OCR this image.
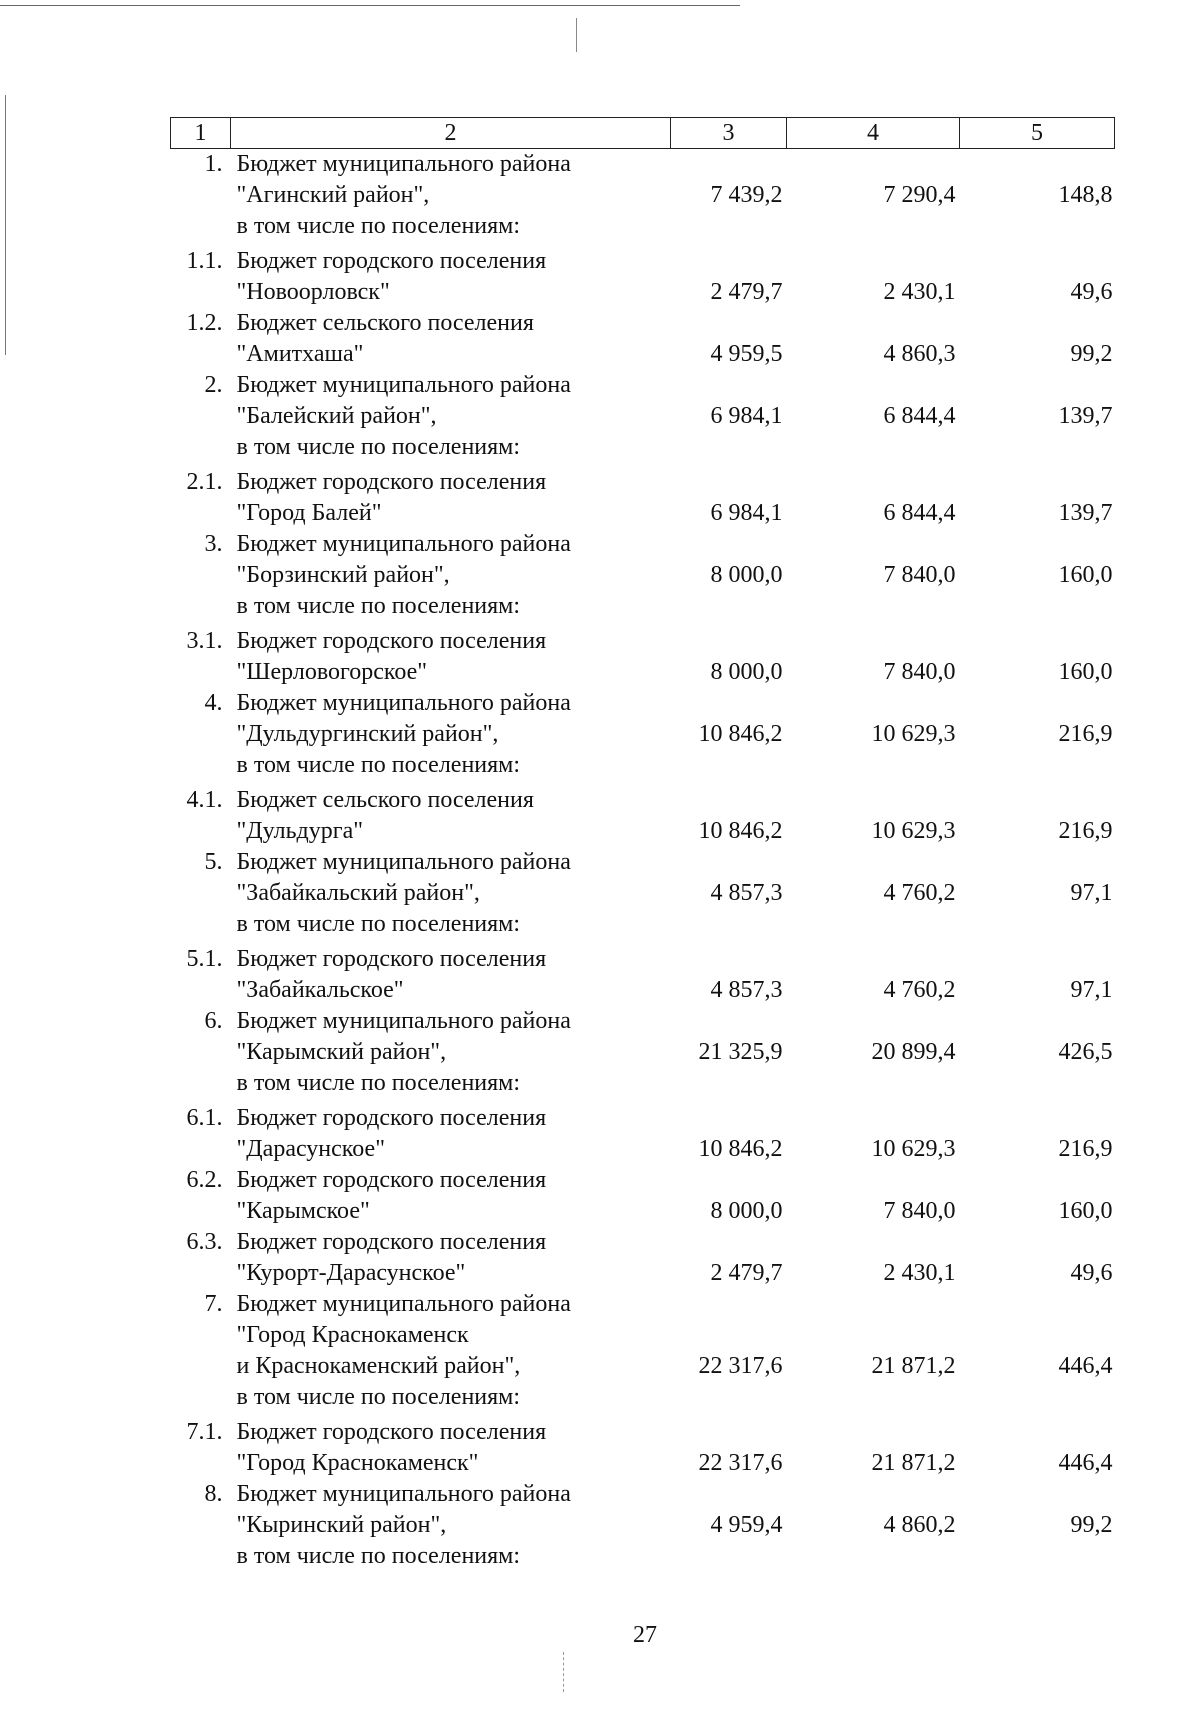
1	2	3	4	5
1.	Бюджет муниципального района
"Агинский район",
в том числе по поселениям:	7 439,2	7 290,4	148,8
1.1.	Бюджет городского поселения
"Новоорловск"	2 479,7	2 430,1	49,6
1.2.	Бюджет сельского поселения
"Амитхаша"	4 959,5	4 860,3	99,2
2.	Бюджет муниципального района
"Балейский район",
в том числе по поселениям:	6 984,1	6 844,4	139,7
2.1.	Бюджет городского поселения
"Город Балей"	6 984,1	6 844,4	139,7
3.	Бюджет муниципального района
"Борзинский район",
в том числе по поселениям:	8 000,0	7 840,0	160,0
3.1.	Бюджет городского поселения
"Шерловогорское"	8 000,0	7 840,0	160,0
4.	Бюджет муниципального района
"Дульдургинский район",
в том числе по поселениям:	10 846,2	10 629,3	216,9
4.1.	Бюджет сельского поселения
"Дульдурга"	10 846,2	10 629,3	216,9
5.	Бюджет муниципального района
"Забайкальский район",
в том числе по поселениям:	4 857,3	4 760,2	97,1
5.1.	Бюджет городского поселения
"Забайкальское"	4 857,3	4 760,2	97,1
6.	Бюджет муниципального района
"Карымский район",
в том числе по поселениям:	21 325,9	20 899,4	426,5
6.1.	Бюджет городского поселения
"Дарасунское"	10 846,2	10 629,3	216,9
6.2.	Бюджет городского поселения
"Карымское"	8 000,0	7 840,0	160,0
6.3.	Бюджет городского поселения
"Курорт-Дарасунское"	2 479,7	2 430,1	49,6
7.	Бюджет муниципального района
"Город Краснокаменск
и Краснокаменский район",
в том числе по поселениям:	22 317,6	21 871,2	446,4
7.1.	Бюджет городского поселения
"Город Краснокаменск"	22 317,6	21 871,2	446,4
8.	Бюджет муниципального района
"Кыринский район",
в том числе по поселениям:	4 959,4	4 860,2	99,2
27
